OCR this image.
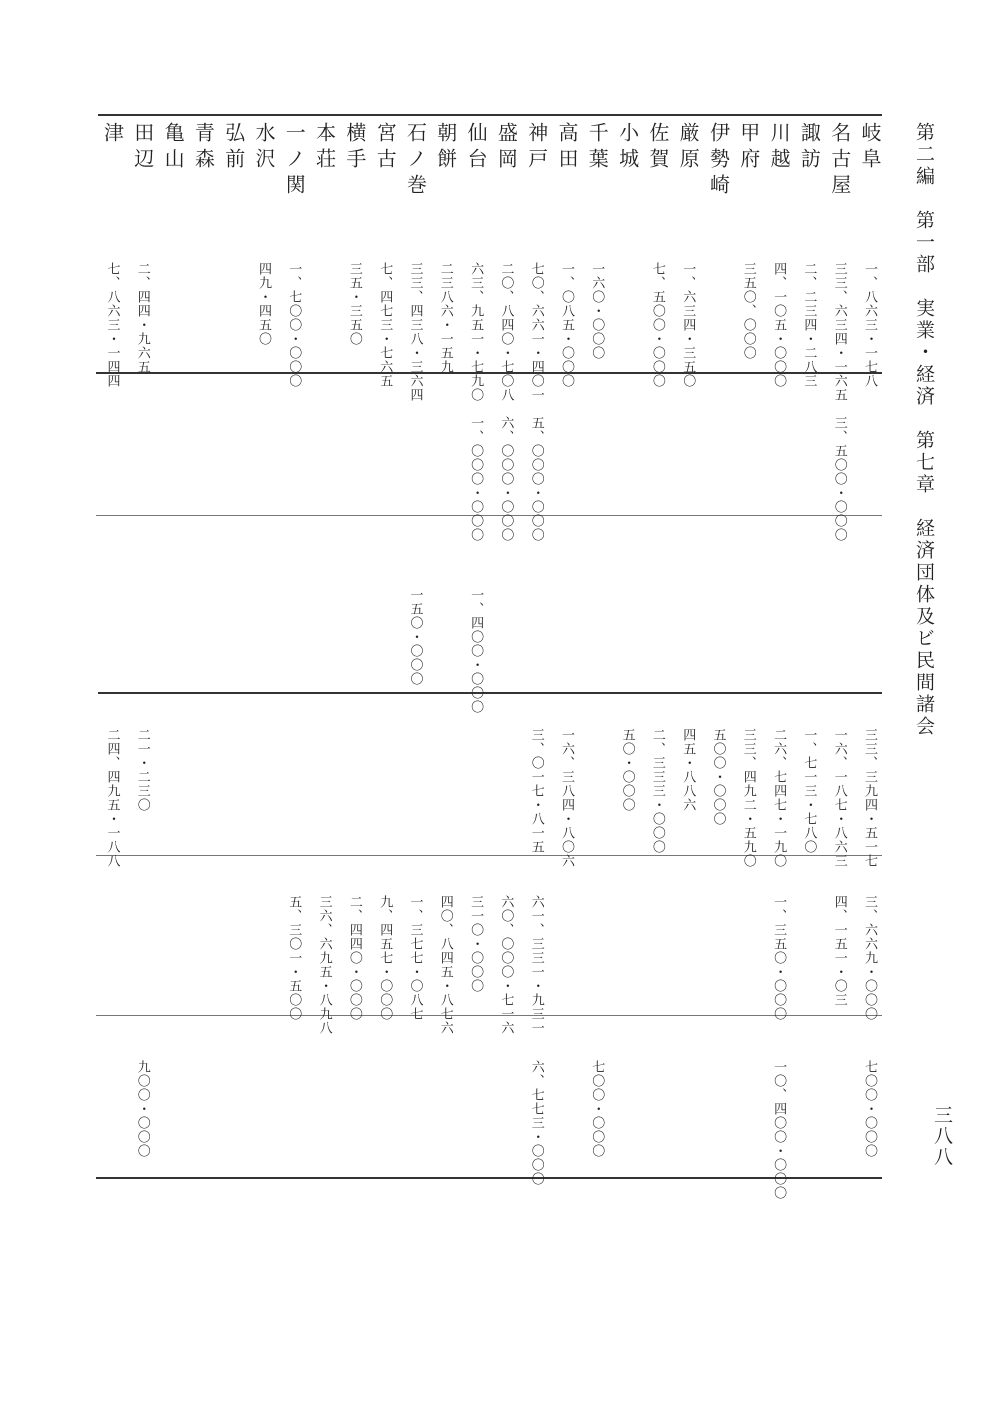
第二編　第一部　実業・経済　第七章　経済団体及ビ民間諸会
三八八
岐阜
一、八六三・一七八
三三、三九四・五一七
三、六六九・〇〇〇
七〇〇・〇〇〇
名古屋
三三、六三四・一六五
三、五〇〇・〇〇〇
一六、一八七・八六三
四、一五一・〇三
諏訪
二、二三四・二八三
一、七一三・七八〇
川越
四、一〇五・〇〇〇
二六、七四七・一九〇
一、三五〇・〇〇〇
一〇、四〇〇・〇〇〇
甲府
三五〇、〇〇〇
三三、四九二・五九〇
伊勢崎
五〇〇・〇〇〇
厳原
一、六三四・三五〇
四五・八八六
佐賀
七、五〇〇・〇〇〇
二、三三三・〇〇〇
小城
五〇・〇〇〇
千葉
一六〇・〇〇〇
七〇〇・〇〇〇
高田
一、〇八五・〇〇〇
一六、三八四・八〇六
神戸
七〇、六六一・四〇一
五、〇〇〇・〇〇〇
三、〇一七・八一五
六一、三三一・九三一
六、七七三・〇〇〇
盛岡
二〇、八四〇・七〇八
六、〇〇〇・〇〇〇
六〇、〇〇〇・七一六
仙台
六三、九五一・七九〇
一、〇〇〇・〇〇〇
一、四〇〇・〇〇〇
三一〇・〇〇〇
朝餅
二三八六・一五九
四〇、八四五・八七六
石ノ巻
三三、四三八・三六四
一五〇・〇〇〇
一、三七七・〇八七
宮古
七、四七三・七六五
九、四五七・〇〇〇
横手
三五・三五〇
二、四四〇・〇〇〇
本荘
三六、六九五・八九八
一ノ関
一、七〇〇・〇〇〇
五、三〇一・五〇〇
水沢
四九・四五〇
弘前
青森
亀山
田辺
二、四四・九六五
二一・二三〇
九〇〇・〇〇〇
津
七、八六三・一四四
二四、四九五・一八八
